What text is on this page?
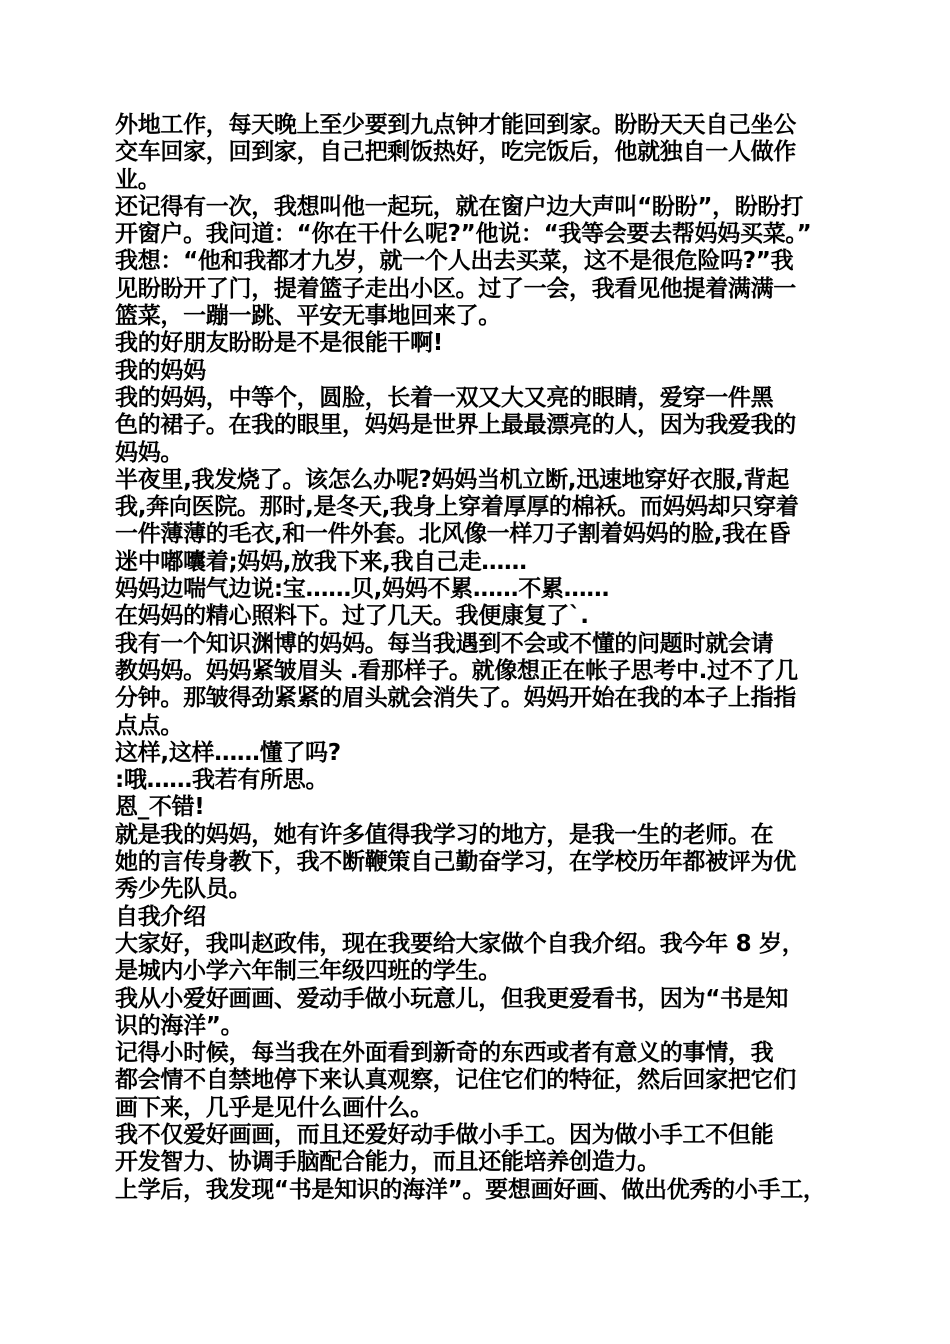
外地工作，每天晚上至少要到九点钟才能回到家。盼盼天天自己坐公
交车回家，回到家，自己把剩饭热好，吃完饭后，他就独自一人做作
业。
还记得有一次，我想叫他一起玩，就在窗户边大声叫“盼盼”，盼盼打
开窗户。我问道：“你在干什么呢?”他说：“我等会要去帮妈妈买菜。”
我想：“他和我都才九岁，就一个人出去买菜，这不是很危险吗?”我
见盼盼开了门，提着篮子走出小区。过了一会，我看见他提着满满一
篮菜，一蹦一跳、平安无事地回来了。
我的好朋友盼盼是不是很能干啊!
我的妈妈
我的妈妈，中等个，圆脸，长着一双又大又亮的眼睛，爱穿一件黑
色的裙子。在我的眼里，妈妈是世界上最最漂亮的人，因为我爱我的
妈妈。
半夜里,我发烧了。该怎么办呢?妈妈当机立断,迅速地穿好衣服,背起
我,奔向医院。那时,是冬天,我身上穿着厚厚的棉袄。而妈妈却只穿着
一件薄薄的毛衣,和一件外套。北风像一样刀子割着妈妈的脸,我在昏
迷中嘟囔着;妈妈,放我下来,我自己走……
妈妈边喘气边说:宝……贝,妈妈不累……不累……
在妈妈的精心照料下。过了几天。我便康复了`.
我有一个知识渊博的妈妈。每当我遇到不会或不懂的问题时就会请
教妈妈。妈妈紧皱眉头 .看那样子。就像想正在帐子思考中.过不了几
分钟。那皱得劲紧紧的眉头就会消失了。妈妈开始在我的本子上指指
点点。
这样,这样……懂了吗?
:哦……我若有所思。
恩_不错!
就是我的妈妈，她有许多值得我学习的地方，是我一生的老师。在
她的言传身教下，我不断鞭策自己勤奋学习，在学校历年都被评为优
秀少先队员。
自我介绍
大家好，我叫赵政伟，现在我要给大家做个自我介绍。我今年 8 岁，
是城内小学六年制三年级四班的学生。
我从小爱好画画、爱动手做小玩意儿，但我更爱看书，因为“书是知
识的海洋”。
记得小时候，每当我在外面看到新奇的东西或者有意义的事情，我
都会情不自禁地停下来认真观察，记住它们的特征，然后回家把它们
画下来，几乎是见什么画什么。
我不仅爱好画画，而且还爱好动手做小手工。因为做小手工不但能
开发智力、协调手脑配合能力，而且还能培养创造力。
上学后，我发现“书是知识的海洋”。要想画好画、做出优秀的小手工，
